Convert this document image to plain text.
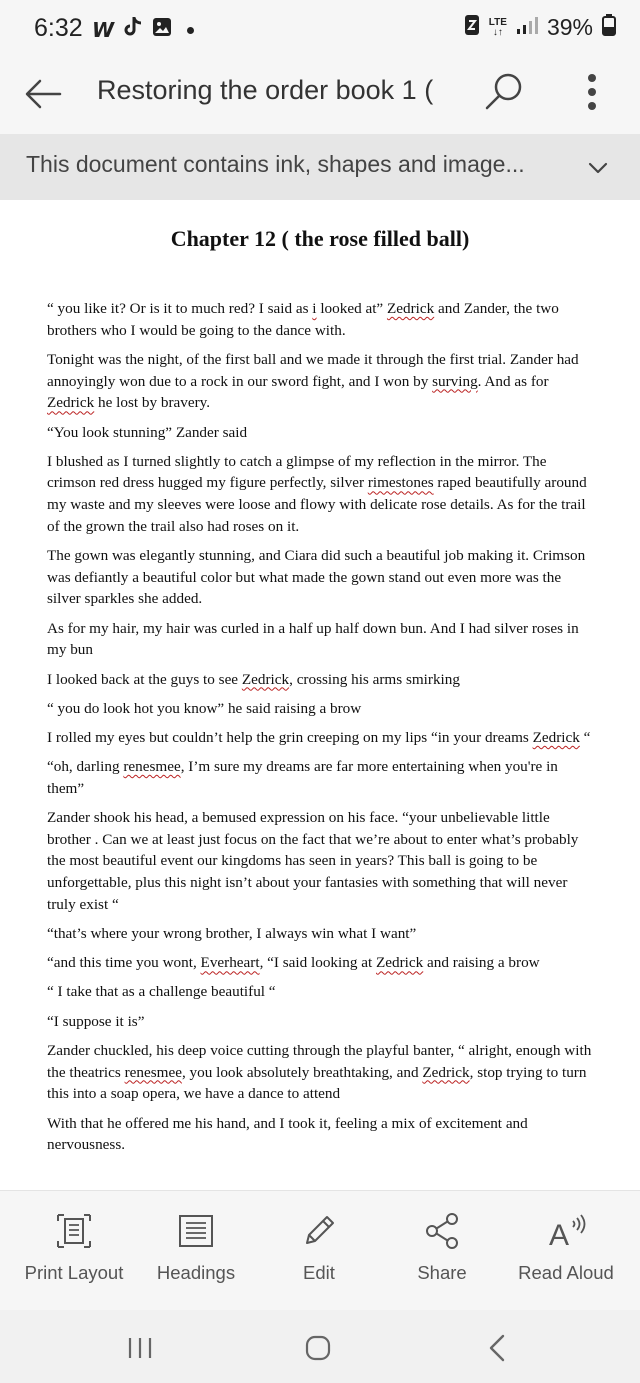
6:32 W	LTE
↓↑ 39%
Restoring the order book 1 (
This document contains ink, shapes and image...
Chapter 12 ( the rose filled ball)

“ you like it? Or is it to much red? I said as i looked at” Zedrick and Zander, the two brothers who I would be going to the dance with.

Tonight was the night, of the first ball and we made it through the first trial. Zander had annoyingly won due to a rock in our sword fight, and I won by surving. And as for Zedrick he lost by bravery.

“You look stunning” Zander said

I blushed as I turned slightly to catch a glimpse of my reflection in the mirror. The crimson red dress hugged my figure perfectly, silver rimestones raped beautifully around my waste and my sleeves were loose and flowy with delicate rose details. As for the trail of the grown the trail also had roses on it.

The gown was elegantly stunning, and Ciara did such a beautiful job making it. Crimson was defiantly a beautiful color but what made the gown stand out even more was the silver sparkles she added.

As for my hair, my hair was curled in a half up half down bun. And I had silver roses in my bun

I looked back at the guys to see Zedrick, crossing his arms smirking

“ you do look hot you know” he said raising a brow

I rolled my eyes but couldn’t help the grin creeping on my lips “in your dreams Zedrick “

“oh, darling renesmee, I’m sure my dreams are far more entertaining when you're in them”

Zander shook his head, a bemused expression on his face. “your unbelievable little brother . Can we at least just focus on the fact that we’re about to enter what’s probably the most beautiful event our kingdoms has seen in years? This ball is going to be unforgettable, plus this night isn’t about your fantasies with something that will never truly exist “

“that’s where your wrong brother, I always win what I want”

“and this time you wont, Everheart, “I said looking at Zedrick and raising a brow

“ I take that as a challenge beautiful “

“I suppose it is”

Zander chuckled, his deep voice cutting through the playful banter, “ alright, enough with the theatrics renesmee, you look absolutely breathtaking, and Zedrick, stop trying to turn this into a soap opera, we have a dance to attend

With that he offered me his hand, and I took it, feeling a mix of excitement and nervousness.

Print Layout	Headings	Edit	Share
A
Read Aloud
